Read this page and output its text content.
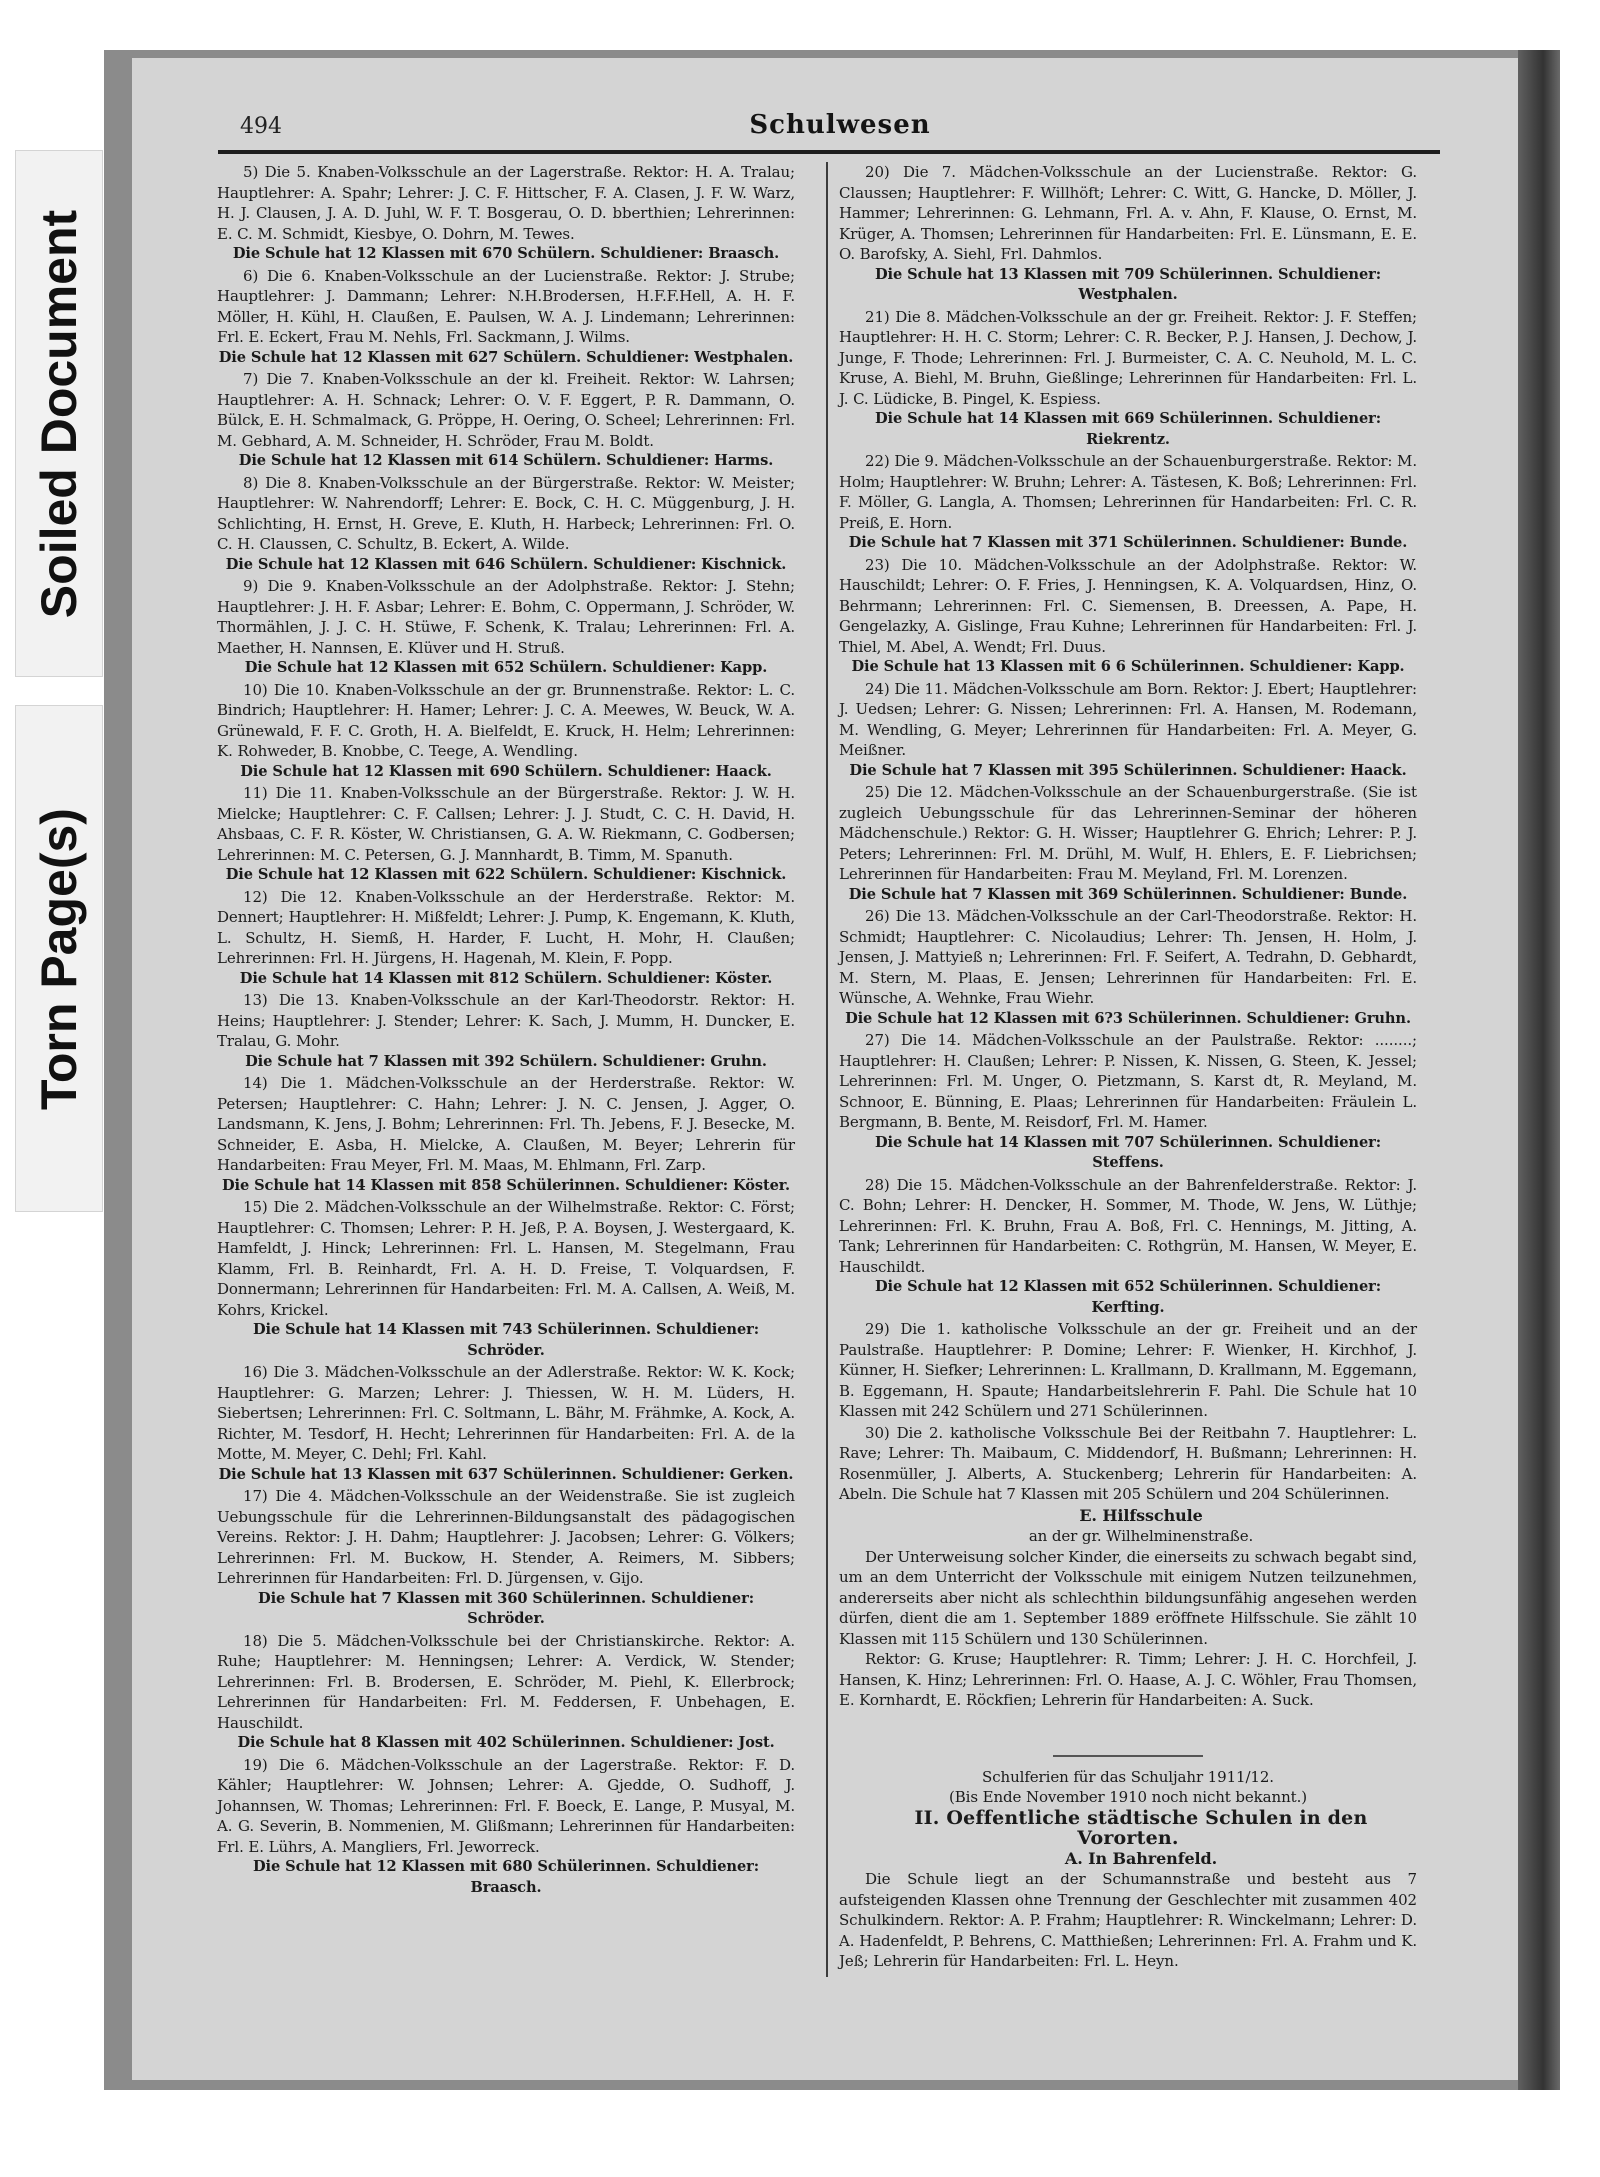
Soiled Document
Torn Page(s)
494	Schulwesen

5) Die 5. Knaben-Volksschule an der Lagerstraße. Rektor: H. A. Tralau; Hauptlehrer: A. Spahr; Lehrer: J. C. F. Hittscher, F. A. Clasen, J. F. W. Warz, H. J. Clausen, J. A. D. Juhl, W. F. T. Bosgerau, O. D. bberthien; Lehrerinnen: E. C. M. Schmidt, Kiesbye, O. Dohrn, M. Tewes.

Die Schule hat 12 Klassen mit 670 Schülern. Schuldiener: Braasch.

6) Die 6. Knaben-Volksschule an der Lucienstraße. Rektor: J. Strube; Hauptlehrer: J. Dammann; Lehrer: N.H.Brodersen, H.F.F.Hell, A. H. F. Möller, H. Kühl, H. Claußen, E. Paulsen, W. A. J. Lindemann; Lehrerinnen: Frl. E. Eckert, Frau M. Nehls, Frl. Sackmann, J. Wilms.

Die Schule hat 12 Klassen mit 627 Schülern. Schuldiener: Westphalen.

7) Die 7. Knaben-Volksschule an der kl. Freiheit. Rektor: W. Lahrsen; Hauptlehrer: A. H. Schnack; Lehrer: O. V. F. Eggert, P. R. Dammann, O. Bülck, E. H. Schmalmack, G. Pröppe, H. Oering, O. Scheel; Lehrerinnen: Frl. M. Gebhard, A. M. Schneider, H. Schröder, Frau M. Boldt.

Die Schule hat 12 Klassen mit 614 Schülern. Schuldiener: Harms.

8) Die 8. Knaben-Volksschule an der Bürgerstraße. Rektor: W. Meister; Hauptlehrer: W. Nahrendorff; Lehrer: E. Bock, C. H. C. Müggenburg, J. H. Schlichting, H. Ernst, H. Greve, E. Kluth, H. Harbeck; Lehrerinnen: Frl. O. C. H. Claussen, C. Schultz, B. Eckert, A. Wilde.

Die Schule hat 12 Klassen mit 646 Schülern. Schuldiener: Kischnick.

9) Die 9. Knaben-Volksschule an der Adolphstraße. Rektor: J. Stehn; Hauptlehrer: J. H. F. Asbar; Lehrer: E. Bohm, C. Oppermann, J. Schröder, W. Thormählen, J. J. C. H. Stüwe, F. Schenk, K. Tralau; Lehrerinnen: Frl. A. Maether, H. Nannsen, E. Klüver und H. Struß.

Die Schule hat 12 Klassen mit 652 Schülern. Schuldiener: Kapp.

10) Die 10. Knaben-Volksschule an der gr. Brunnenstraße. Rektor: L. C. Bindrich; Hauptlehrer: H. Hamer; Lehrer: J. C. A. Meewes, W. Beuck, W. A. Grünewald, F. F. C. Groth, H. A. Bielfeldt, E. Kruck, H. Helm; Lehrerinnen: K. Rohweder, B. Knobbe, C. Teege, A. Wendling.

Die Schule hat 12 Klassen mit 690 Schülern. Schuldiener: Haack.

11) Die 11. Knaben-Volksschule an der Bürgerstraße. Rektor: J. W. H. Mielcke; Hauptlehrer: C. F. Callsen; Lehrer: J. J. Studt, C. C. H. David, H. Ahsbaas, C. F. R. Köster, W. Christiansen, G. A. W. Riekmann, C. Godbersen; Lehrerinnen: M. C. Petersen, G. J. Mannhardt, B. Timm, M. Spanuth.

Die Schule hat 12 Klassen mit 622 Schülern. Schuldiener: Kischnick.

12) Die 12. Knaben-Volksschule an der Herderstraße. Rektor: M. Dennert; Hauptlehrer: H. Mißfeldt; Lehrer: J. Pump, K. Engemann, K. Kluth, L. Schultz, H. Siemß, H. Harder, F. Lucht, H. Mohr, H. Claußen; Lehrerinnen: Frl. H. Jürgens, H. Hagenah, M. Klein, F. Popp.

Die Schule hat 14 Klassen mit 812 Schülern. Schuldiener: Köster.

13) Die 13. Knaben-Volksschule an der Karl-Theodorstr. Rektor: H. Heins; Hauptlehrer: J. Stender; Lehrer: K. Sach, J. Mumm, H. Duncker, E. Tralau, G. Mohr.

Die Schule hat 7 Klassen mit 392 Schülern. Schuldiener: Gruhn.

14) Die 1. Mädchen-Volksschule an der Herderstraße. Rektor: W. Petersen; Hauptlehrer: C. Hahn; Lehrer: J. N. C. Jensen, J. Agger, O. Landsmann, K. Jens, J. Bohm; Lehrerinnen: Frl. Th. Jebens, F. J. Besecke, M. Schneider, E. Asba, H. Mielcke, A. Claußen, M. Beyer; Lehrerin für Handarbeiten: Frau Meyer, Frl. M. Maas, M. Ehlmann, Frl. Zarp.

Die Schule hat 14 Klassen mit 858 Schülerinnen. Schuldiener: Köster.

15) Die 2. Mädchen-Volksschule an der Wilhelmstraße. Rektor: C. Först; Hauptlehrer: C. Thomsen; Lehrer: P. H. Jeß, P. A. Boysen, J. Westergaard, K. Hamfeldt, J. Hinck; Lehrerinnen: Frl. L. Hansen, M. Stegelmann, Frau Klamm, Frl. B. Reinhardt, Frl. A. H. D. Freise, T. Volquardsen, F. Donnermann; Lehrerinnen für Handarbeiten: Frl. M. A. Callsen, A. Weiß, M. Kohrs, Krickel.

Die Schule hat 14 Klassen mit 743 Schülerinnen. Schuldiener: Schröder.

16) Die 3. Mädchen-Volksschule an der Adlerstraße. Rektor: W. K. Kock; Hauptlehrer: G. Marzen; Lehrer: J. Thiessen, W. H. M. Lüders, H. Siebertsen; Lehrerinnen: Frl. C. Soltmann, L. Bähr, M. Frähmke, A. Kock, A. Richter, M. Tesdorf, H. Hecht; Lehrerinnen für Handarbeiten: Frl. A. de la Motte, M. Meyer, C. Dehl; Frl. Kahl.

Die Schule hat 13 Klassen mit 637 Schülerinnen. Schuldiener: Gerken.

17) Die 4. Mädchen-Volksschule an der Weidenstraße. Sie ist zugleich Uebungsschule für die Lehrerinnen-Bildungsanstalt des pädagogischen Vereins. Rektor: J. H. Dahm; Hauptlehrer: J. Jacobsen; Lehrer: G. Völkers; Lehrerinnen: Frl. M. Buckow, H. Stender, A. Reimers, M. Sibbers; Lehrerinnen für Handarbeiten: Frl. D. Jürgensen, v. Gijo.

Die Schule hat 7 Klassen mit 360 Schülerinnen. Schuldiener: Schröder.

18) Die 5. Mädchen-Volksschule bei der Christianskirche. Rektor: A. Ruhe; Hauptlehrer: M. Henningsen; Lehrer: A. Verdick, W. Stender; Lehrerinnen: Frl. B. Brodersen, E. Schröder, M. Piehl, K. Ellerbrock; Lehrerinnen für Handarbeiten: Frl. M. Feddersen, F. Unbehagen, E. Hauschildt.

Die Schule hat 8 Klassen mit 402 Schülerinnen. Schuldiener: Jost.

19) Die 6. Mädchen-Volksschule an der Lagerstraße. Rektor: F. D. Kähler; Hauptlehrer: W. Johnsen; Lehrer: A. Gjedde, O. Sudhoff, J. Johannsen, W. Thomas; Lehrerinnen: Frl. F. Boeck, E. Lange, P. Musyal, M. A. G. Severin, B. Nommenien, M. Glißmann; Lehrerinnen für Handarbeiten: Frl. E. Lührs, A. Mangliers, Frl. Jeworreck.

Die Schule hat 12 Klassen mit 680 Schülerinnen. Schuldiener: Braasch.

20) Die 7. Mädchen-Volksschule an der Lucienstraße. Rektor: G. Claussen; Hauptlehrer: F. Willhöft; Lehrer: C. Witt, G. Hancke, D. Möller, J. Hammer; Lehrerinnen: G. Lehmann, Frl. A. v. Ahn, F. Klause, O. Ernst, M. Krüger, A. Thomsen; Lehrerinnen für Handarbeiten: Frl. E. Lünsmann, E. E. O. Barofsky, A. Siehl, Frl. Dahmlos.

Die Schule hat 13 Klassen mit 709 Schülerinnen. Schuldiener: Westphalen.

21) Die 8. Mädchen-Volksschule an der gr. Freiheit. Rektor: J. F. Steffen; Hauptlehrer: H. H. C. Storm; Lehrer: C. R. Becker, P. J. Hansen, J. Dechow, J. Junge, F. Thode; Lehrerinnen: Frl. J. Burmeister, C. A. C. Neuhold, M. L. C. Kruse, A. Biehl, M. Bruhn, Gießlinge; Lehrerinnen für Handarbeiten: Frl. L. J. C. Lüdicke, B. Pingel, K. Espiess.

Die Schule hat 14 Klassen mit 669 Schülerinnen. Schuldiener: Riekrentz.

22) Die 9. Mädchen-Volksschule an der Schauenburgerstraße. Rektor: M. Holm; Hauptlehrer: W. Bruhn; Lehrer: A. Tästesen, K. Boß; Lehrerinnen: Frl. F. Möller, G. Langla, A. Thomsen; Lehrerinnen für Handarbeiten: Frl. C. R. Preiß, E. Horn.

Die Schule hat 7 Klassen mit 371 Schülerinnen. Schuldiener: Bunde.

23) Die 10. Mädchen-Volksschule an der Adolphstraße. Rektor: W. Hauschildt; Lehrer: O. F. Fries, J. Henningsen, K. A. Volquardsen, Hinz, O. Behrmann; Lehrerinnen: Frl. C. Siemensen, B. Dreessen, A. Pape, H. Gengelazky, A. Gislinge, Frau Kuhne; Lehrerinnen für Handarbeiten: Frl. J. Thiel, M. Abel, A. Wendt; Frl. Duus.

Die Schule hat 13 Klassen mit 6 6 Schülerinnen. Schuldiener: Kapp.

24) Die 11. Mädchen-Volksschule am Born. Rektor: J. Ebert; Hauptlehrer: J. Uedsen; Lehrer: G. Nissen; Lehrerinnen: Frl. A. Hansen, M. Rodemann, M. Wendling, G. Meyer; Lehrerinnen für Handarbeiten: Frl. A. Meyer, G. Meißner.

Die Schule hat 7 Klassen mit 395 Schülerinnen. Schuldiener: Haack.

25) Die 12. Mädchen-Volksschule an der Schauenburgerstraße. (Sie ist zugleich Uebungsschule für das Lehrerinnen-Seminar der höheren Mädchenschule.) Rektor: G. H. Wisser; Hauptlehrer G. Ehrich; Lehrer: P. J. Peters; Lehrerinnen: Frl. M. Drühl, M. Wulf, H. Ehlers, E. F. Liebrichsen; Lehrerinnen für Handarbeiten: Frau M. Meyland, Frl. M. Lorenzen.

Die Schule hat 7 Klassen mit 369 Schülerinnen. Schuldiener: Bunde.

26) Die 13. Mädchen-Volksschule an der Carl-Theodorstraße. Rektor: H. Schmidt; Hauptlehrer: C. Nicolaudius; Lehrer: Th. Jensen, H. Holm, J. Jensen, J. Mattyieß n; Lehrerinnen: Frl. F. Seifert, A. Tedrahn, D. Gebhardt, M. Stern, M. Plaas, E. Jensen; Lehrerinnen für Handarbeiten: Frl. E. Wünsche, A. Wehnke, Frau Wiehr.

Die Schule hat 12 Klassen mit 6?3 Schülerinnen. Schuldiener: Gruhn.

27) Die 14. Mädchen-Volksschule an der Paulstraße. Rektor: ........; Hauptlehrer: H. Claußen; Lehrer: P. Nissen, K. Nissen, G. Steen, K. Jessel; Lehrerinnen: Frl. M. Unger, O. Pietzmann, S. Karst dt, R. Meyland, M. Schnoor, E. Bünning, E. Plaas; Lehrerinnen für Handarbeiten: Fräulein L. Bergmann, B. Bente, M. Reisdorf, Frl. M. Hamer.

Die Schule hat 14 Klassen mit 707 Schülerinnen. Schuldiener: Steffens.

28) Die 15. Mädchen-Volksschule an der Bahrenfelderstraße. Rektor: J. C. Bohn; Lehrer: H. Dencker, H. Sommer, M. Thode, W. Jens, W. Lüthje; Lehrerinnen: Frl. K. Bruhn, Frau A. Boß, Frl. C. Hennings, M. Jitting, A. Tank; Lehrerinnen für Handarbeiten: C. Rothgrün, M. Hansen, W. Meyer, E. Hauschildt.

Die Schule hat 12 Klassen mit 652 Schülerinnen. Schuldiener: Kerfting.

29) Die 1. katholische Volksschule an der gr. Freiheit und an der Paulstraße. Hauptlehrer: P. Domine; Lehrer: F. Wienker, H. Kirchhof, J. Künner, H. Siefker; Lehrerinnen: L. Krallmann, D. Krallmann, M. Eggemann, B. Eggemann, H. Spaute; Handarbeitslehrerin F. Pahl. Die Schule hat 10 Klassen mit 242 Schülern und 271 Schülerinnen.

30) Die 2. katholische Volksschule Bei der Reitbahn 7. Hauptlehrer: L. Rave; Lehrer: Th. Maibaum, C. Middendorf, H. Bußmann; Lehrerinnen: H. Rosenmüller, J. Alberts, A. Stuckenberg; Lehrerin für Handarbeiten: A. Abeln. Die Schule hat 7 Klassen mit 205 Schülern und 204 Schülerinnen.

E. Hilfsschule

an der gr. Wilhelminenstraße.

Der Unterweisung solcher Kinder, die einerseits zu schwach begabt sind, um an dem Unterricht der Volksschule mit einigem Nutzen teilzunehmen, andererseits aber nicht als schlechthin bildungsunfähig angesehen werden dürfen, dient die am 1. September 1889 eröffnete Hilfsschule. Sie zählt 10 Klassen mit 115 Schülern und 130 Schülerinnen.

Rektor: G. Kruse; Hauptlehrer: R. Timm; Lehrer: J. H. C. Horchfeil, J. Hansen, K. Hinz; Lehrerinnen: Frl. O. Haase, A. J. C. Wöhler, Frau Thomsen, E. Kornhardt, E. Röckfien; Lehrerin für Handarbeiten: A. Suck.

Schulferien für das Schuljahr 1911/12.

(Bis Ende November 1910 noch nicht bekannt.)

II. Oeffentliche städtische Schulen in den Vororten.

A. In Bahrenfeld.

Die Schule liegt an der Schumannstraße und besteht aus 7 aufsteigenden Klassen ohne Trennung der Geschlechter mit zusammen 402 Schulkindern. Rektor: A. P. Frahm; Hauptlehrer: R. Winckelmann; Lehrer: D. A. Hadenfeldt, P. Behrens, C. Matthießen; Lehrerinnen: Frl. A. Frahm und K. Jeß; Lehrerin für Handarbeiten: Frl. L. Heyn.
